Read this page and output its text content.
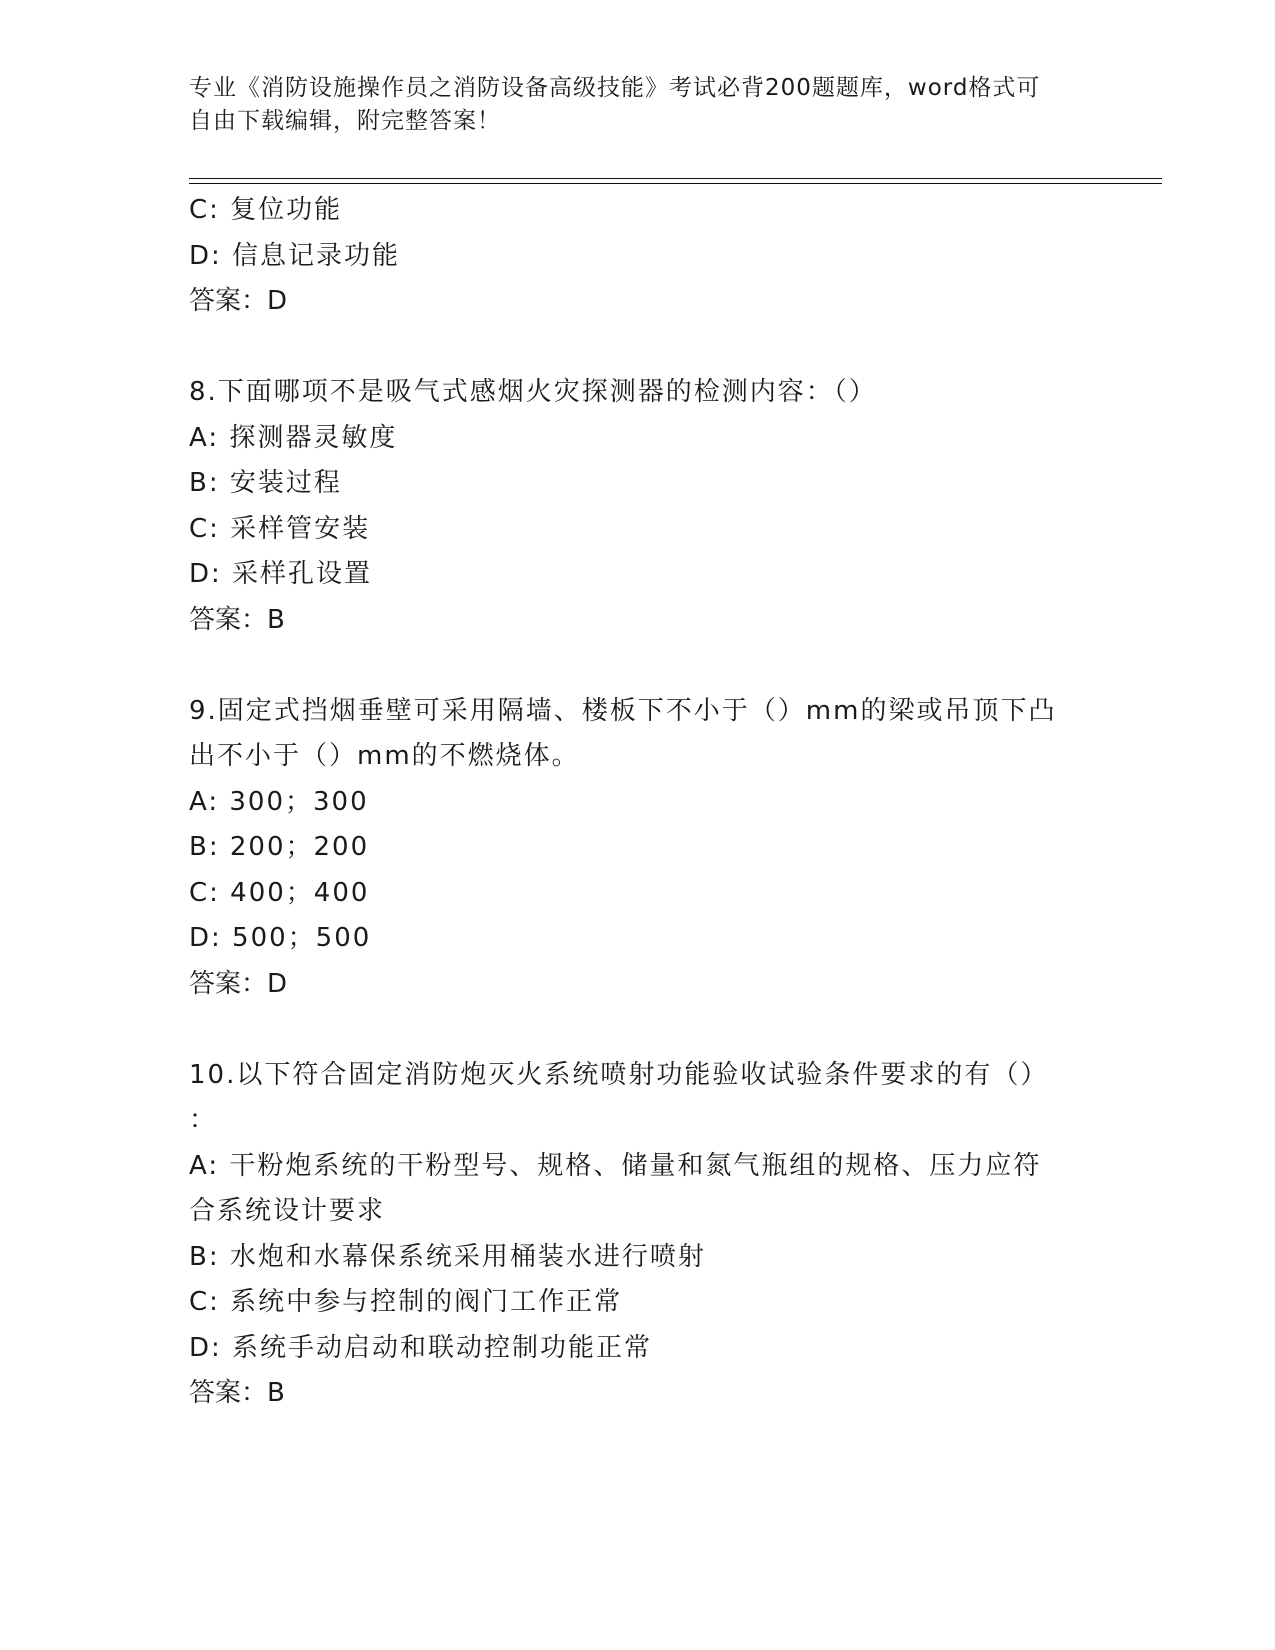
专业《消防设施操作员之消防设备高级技能》考试必背200题题库，word格式可
自由下载编辑，附完整答案！
C: 复位功能
D: 信息记录功能
答案：D
8.下面哪项不是吸气式感烟火灾探测器的检测内容：（）
A: 探测器灵敏度
B: 安装过程
C: 采样管安装
D: 采样孔设置
答案：B
9.固定式挡烟垂壁可采用隔墙、楼板下不小于（）mm的梁或吊顶下凸
出不小于（）mm的不燃烧体。
A: 300；300
B: 200；200
C: 400；400
D: 500；500
答案：D
10.以下符合固定消防炮灭火系统喷射功能验收试验条件要求的有（）
：
A: 干粉炮系统的干粉型号、规格、储量和氮气瓶组的规格、压力应符
合系统设计要求
B: 水炮和水幕保系统采用桶装水进行喷射
C: 系统中参与控制的阀门工作正常
D: 系统手动启动和联动控制功能正常
答案：B
